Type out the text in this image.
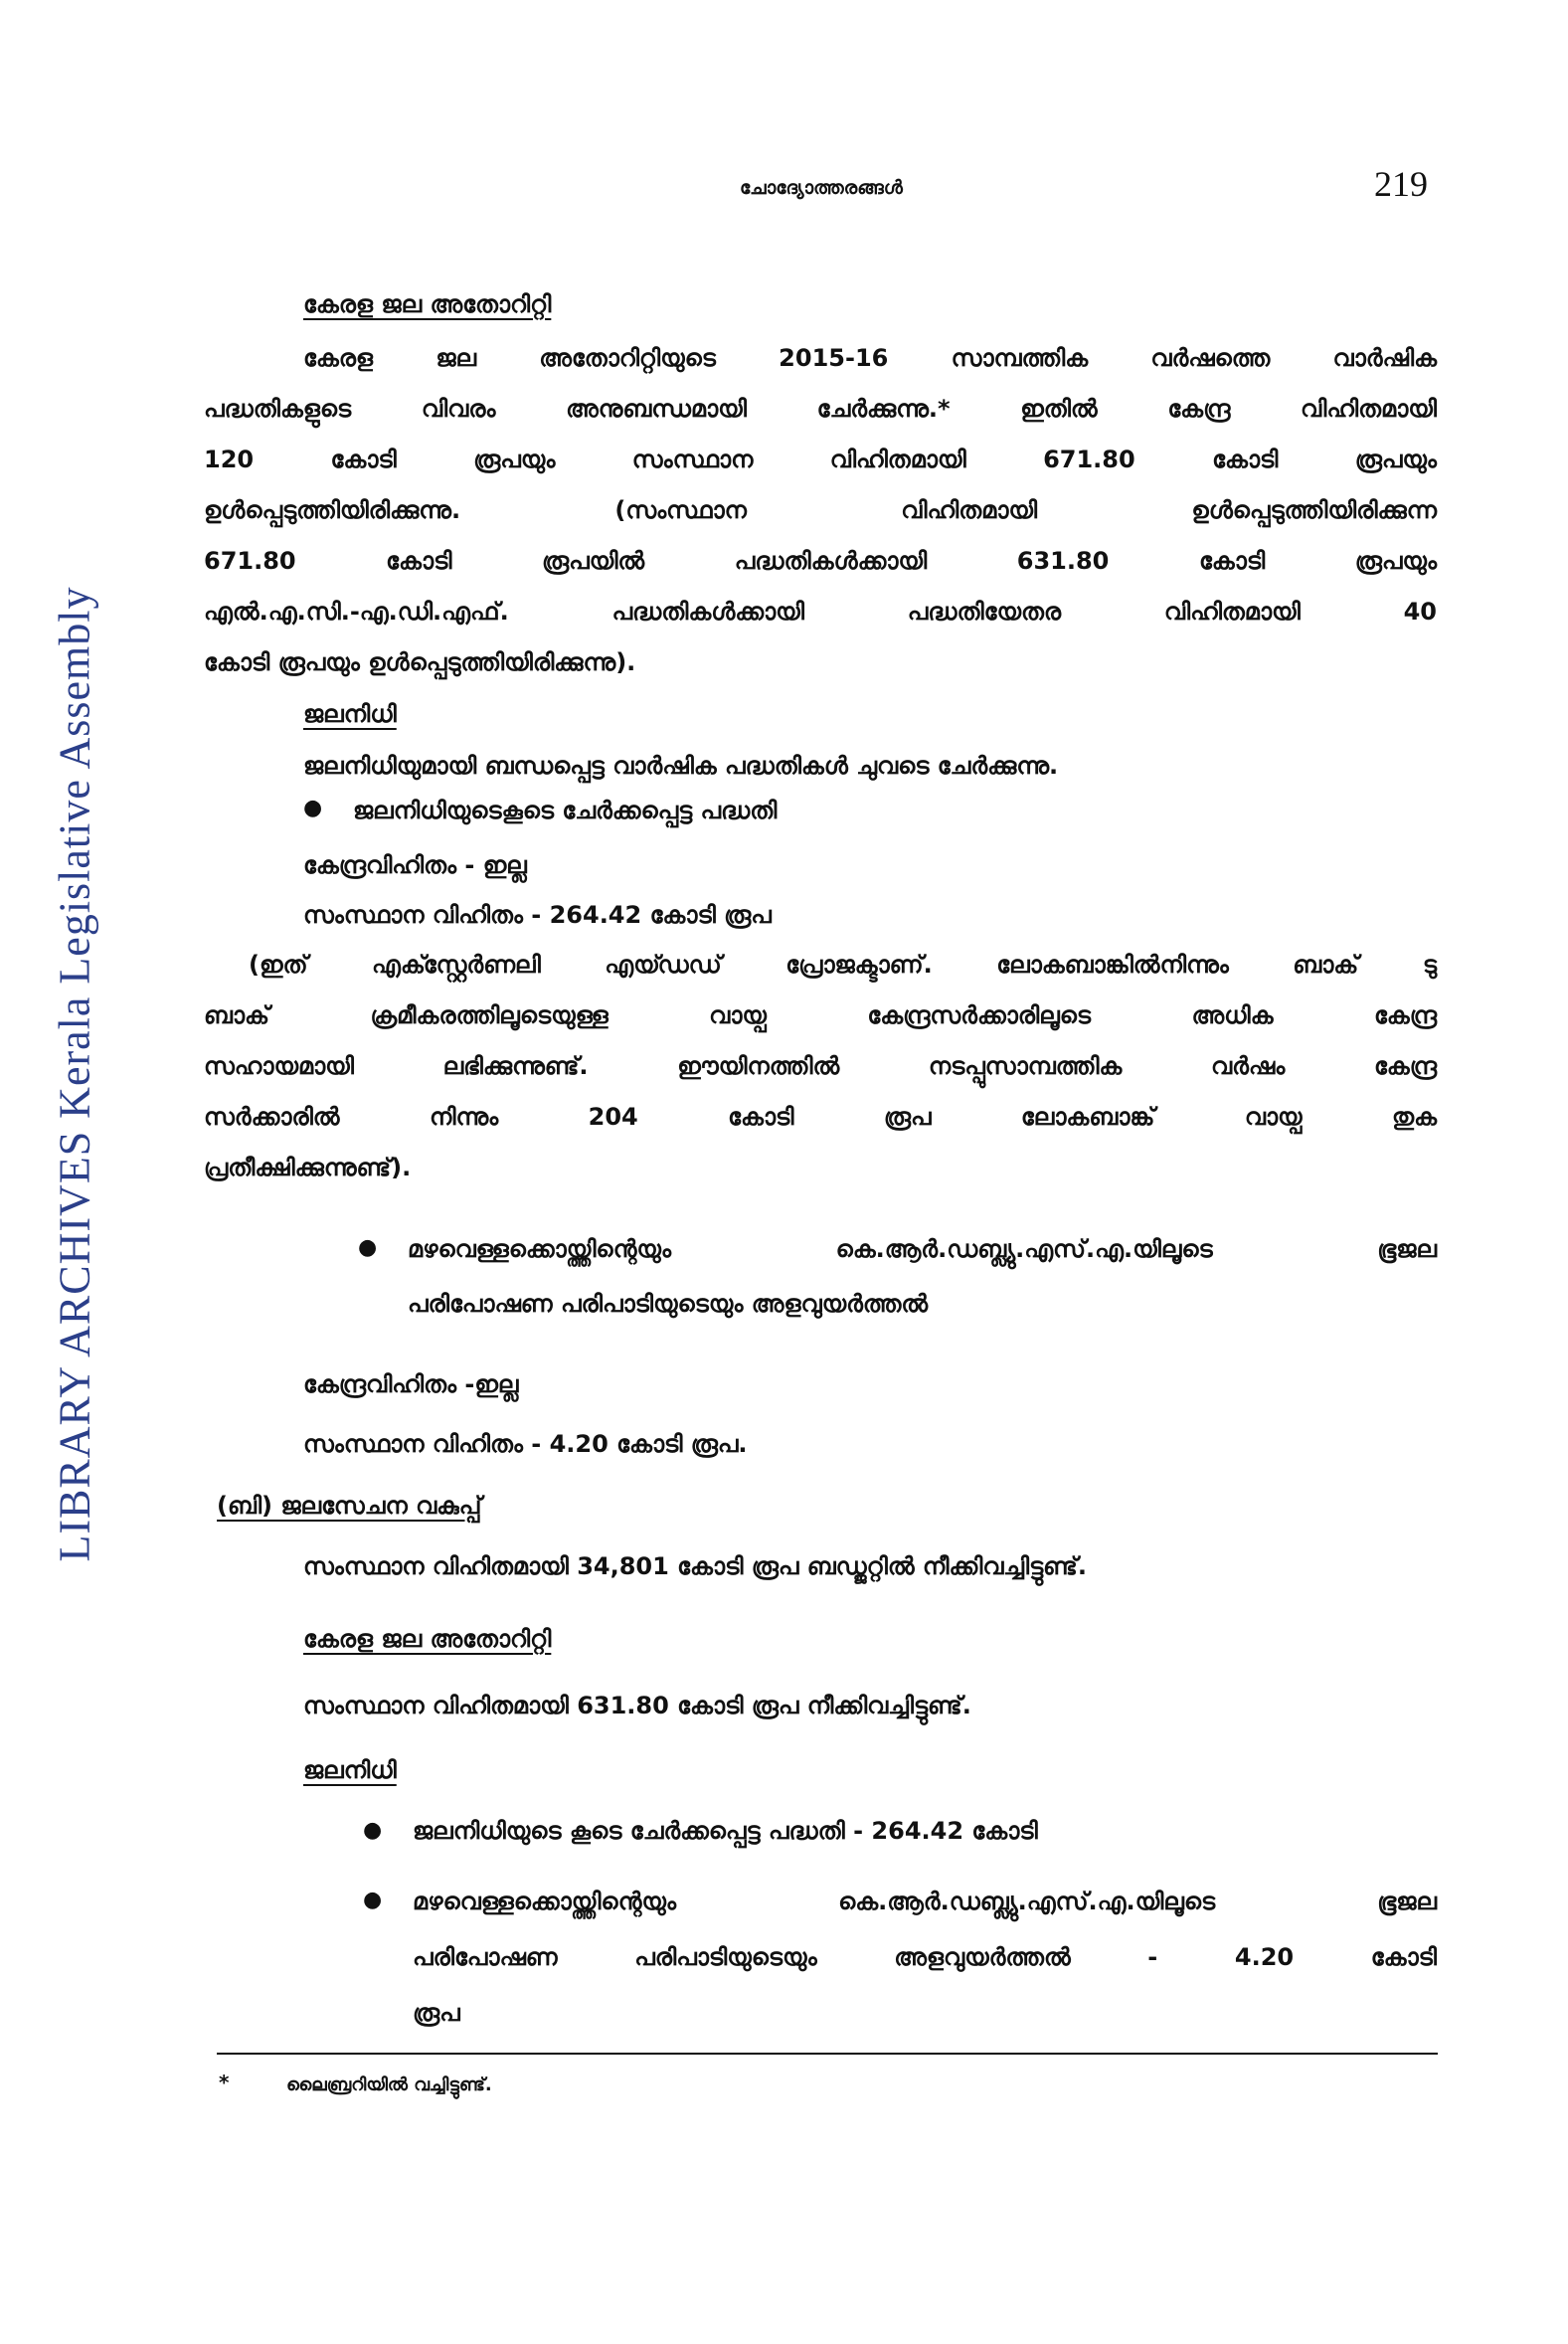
LIBRARY ARCHIVES Kerala Legislative Assembly
ചോദ്യോത്തരങ്ങൾ	219
കേരള ജല അതോറിറ്റി
കേരള ജല അതോറിറ്റിയുടെ 2015-16 സാമ്പത്തിക വർഷത്തെ വാർഷിക
പദ്ധതികളുടെ വിവരം അനുബന്ധമായി ചേർക്കുന്നു.* ഇതിൽ കേന്ദ്ര വിഹിതമായി
120 കോടി രൂപയും സംസ്ഥാന വിഹിതമായി 671.80 കോടി രൂപയും
ഉൾപ്പെടുത്തിയിരിക്കുന്നു. (സംസ്ഥാന വിഹിതമായി ഉൾപ്പെടുത്തിയിരിക്കുന്ന
671.80 കോടി രൂപയിൽ പദ്ധതികൾക്കായി 631.80 കോടി രൂപയും
എൽ.എ.സി.-എ.ഡി.എഫ്. പദ്ധതികൾക്കായി പദ്ധതിയേതര വിഹിതമായി 40
കോടി രൂപയും ഉൾപ്പെടുത്തിയിരിക്കുന്നു).
ജലനിധി
ജലനിധിയുമായി ബന്ധപ്പെട്ട വാർഷിക പദ്ധതികൾ ചുവടെ ചേർക്കുന്നു.
● ജലനിധിയുടെകൂടെ ചേർക്കപ്പെട്ട പദ്ധതി
കേന്ദ്രവിഹിതം - ഇല്ല
സംസ്ഥാന വിഹിതം - 264.42 കോടി രൂപ
(ഇത് എക്സ്റ്റേർണലി എയ്ഡഡ് പ്രോജക്ടാണ്. ലോകബാങ്കിൽനിന്നും ബാക് ടു
ബാക് ക്രമീകരത്തിലൂടെയുള്ള വായ്പ കേന്ദ്രസർക്കാരിലൂടെ അധിക കേന്ദ്ര
സഹായമായി ലഭിക്കുന്നുണ്ട്. ഈയിനത്തിൽ നടപ്പുസാമ്പത്തിക വർഷം കേന്ദ്ര
സർക്കാരിൽ നിന്നും 204 കോടി രൂപ ലോകബാങ്ക് വായ്പ തുക
പ്രതീക്ഷിക്കുന്നുണ്ട്).
● മഴവെള്ളക്കൊയ്ത്തിന്റെയും കെ.ആർ.ഡബ്ല്യു.എസ്.എ.യിലൂടെ ഭൂജല
പരിപോഷണ പരിപാടിയുടെയും അളവുയർത്തൽ
കേന്ദ്രവിഹിതം -ഇല്ല
സംസ്ഥാന വിഹിതം - 4.20 കോടി രൂപ.
(ബി) ജലസേചന വകുപ്പ്
സംസ്ഥാന വിഹിതമായി 34,801 കോടി രൂപ ബഡ്ജറ്റിൽ നീക്കിവച്ചിട്ടുണ്ട്.
കേരള ജല അതോറിറ്റി
സംസ്ഥാന വിഹിതമായി 631.80 കോടി രൂപ നീക്കിവച്ചിട്ടുണ്ട്.
ജലനിധി
● ജലനിധിയുടെ കൂടെ ചേർക്കപ്പെട്ട പദ്ധതി - 264.42 കോടി
● മഴവെള്ളക്കൊയ്ത്തിന്റെയും കെ.ആർ.ഡബ്ല്യു.എസ്.എ.യിലൂടെ ഭൂജല
പരിപോഷണ പരിപാടിയുടെയും അളവുയർത്തൽ - 4.20 കോടി
രൂപ
*	ലൈബ്രറിയിൽ വച്ചിട്ടുണ്ട്.
